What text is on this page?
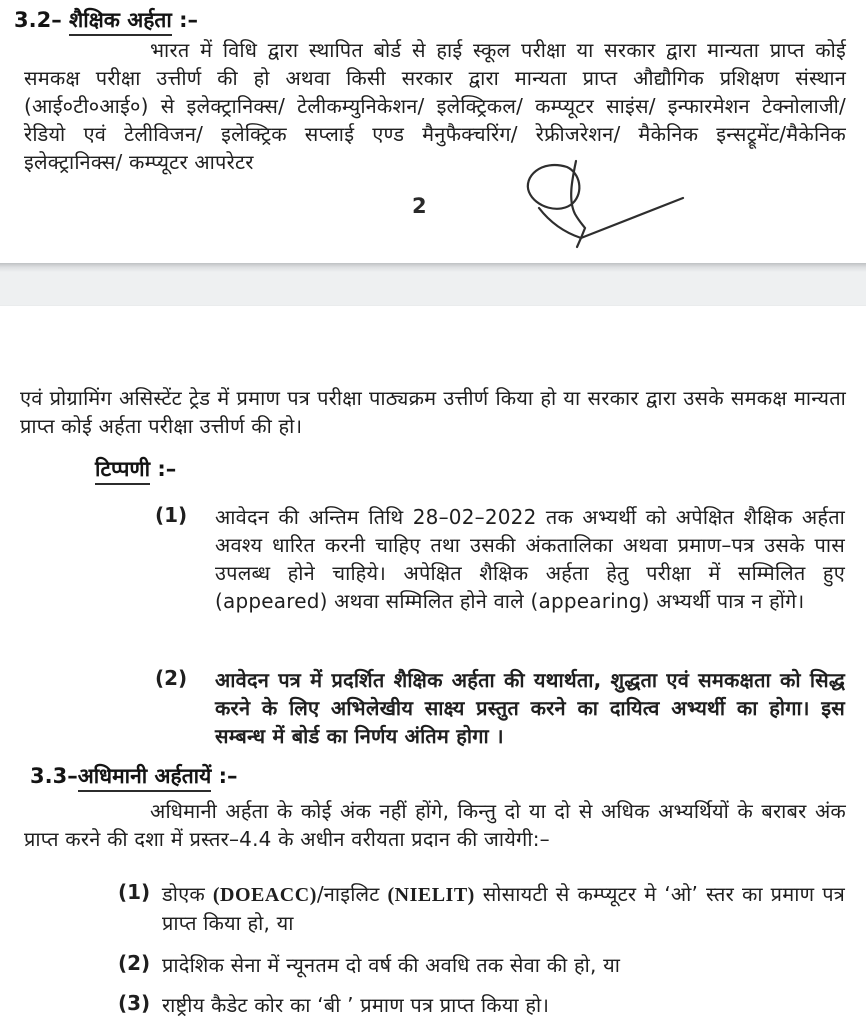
3.2– शैक्षिक अर्हता :–
भारत में विधि द्वारा स्थापित बोर्ड से हाई स्कूल परीक्षा या सरकार द्वारा मान्यता प्राप्त कोई समकक्ष परीक्षा उत्तीर्ण की हो अथवा किसी सरकार द्वारा मान्यता प्राप्त औद्यौगिक प्रशिक्षण संस्थान (आई०टी०आई०) से इलेक्ट्रानिक्स/ टेलीकम्युनिकेशन/ इलेक्ट्रिकल/ कम्प्यूटर साइंस/ इन्फारमेशन टेक्नोलाजी/ रेडियो एवं टेलीविजन/ इलेक्ट्रिक सप्लाई एण्ड मैनुफैक्चरिंग/ रेफ्रीजरेशन/ मैकेनिक इन्सट्रूमेंट/मैकेनिक इलेक्ट्रानिक्स/ कम्प्यूटर आपरेटर
2
एवं प्रोग्रामिंग असिस्टेंट ट्रेड में प्रमाण पत्र परीक्षा पाठ्यक्रम उत्तीर्ण किया हो या सरकार द्वारा उसके समकक्ष मान्यता प्राप्त कोई अर्हता परीक्षा उत्तीर्ण की हो।
टिप्पणी :–
(1) आवेदन की अन्तिम तिथि 28–02–2022 तक अभ्यर्थी को अपेक्षित शैक्षिक अर्हता अवश्य धारित करनी चाहिए तथा उसकी अंकतालिका अथवा प्रमाण–पत्र उसके पास उपलब्ध होने चाहिये। अपेक्षित शैक्षिक अर्हता हेतु परीक्षा में सम्मिलित हुए (appeared) अथवा सम्मिलित होने वाले (appearing) अभ्यर्थी पात्र न होंगे।
(2) आवेदन पत्र में प्रदर्शित शैक्षिक अर्हता की यथार्थता, शुद्धता एवं समकक्षता को सिद्ध करने के लिए अभिलेखीय साक्ष्य प्रस्तुत करने का दायित्व अभ्यर्थी का होगा। इस सम्बन्ध में बोर्ड का निर्णय अंतिम होगा ।
3.3–अधिमानी अर्हतायें :–
अधिमानी अर्हता के कोई अंक नहीं होंगे, किन्तु दो या दो से अधिक अभ्यर्थियों के बराबर अंक प्राप्त करने की दशा में प्रस्तर–4.4 के अधीन वरीयता प्रदान की जायेगी:–
(1) डोएक (DOEACC)/नाइलिट (NIELIT) सोसायटी से कम्प्यूटर मे ‘ओ’ स्तर का प्रमाण पत्र प्राप्त किया हो, या
(2) प्रादेशिक सेना में न्यूनतम दो वर्ष की अवधि तक सेवा की हो, या
(3) राष्ट्रीय कैडेट कोर का ‘बी ’ प्रमाण पत्र प्राप्त किया हो।
